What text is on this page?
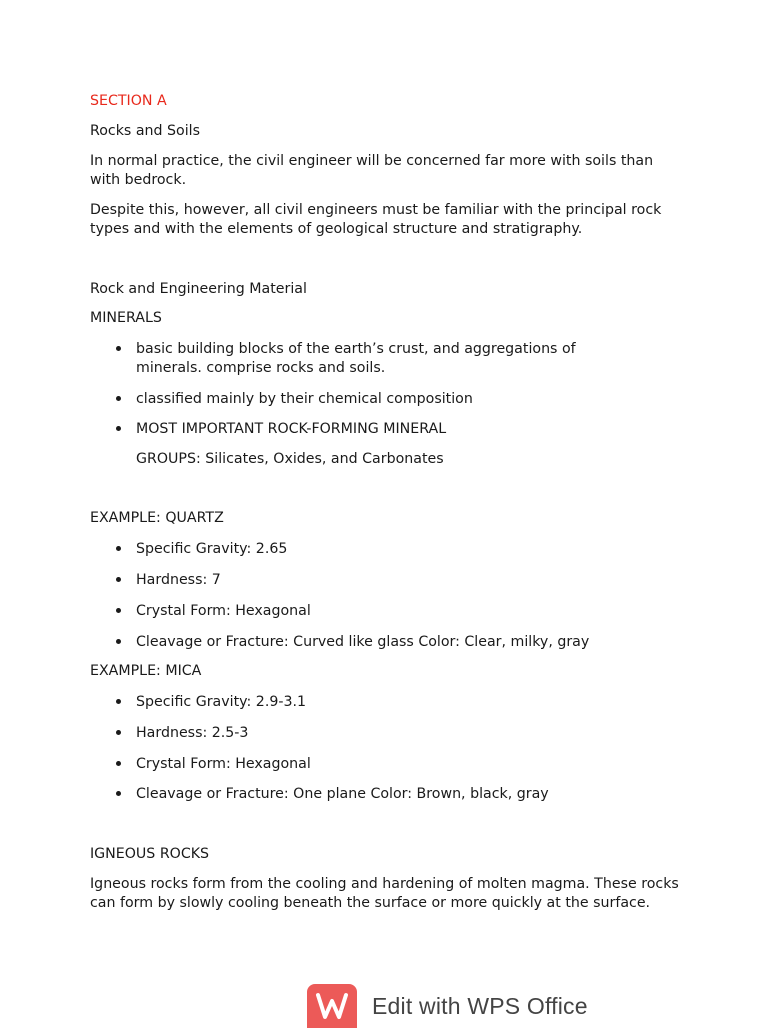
SECTION A

Rocks and Soils

In normal practice, the civil engineer will be concerned far more with soils than with bedrock.

Despite this, however, all civil engineers must be familiar with the principal rock types and with the elements of geological structure and stratigraphy.

Rock and Engineering Material

MINERALS

basic building blocks of the earth’s crust, and aggregations of minerals. comprise rocks and soils.
classified mainly by their chemical composition
MOST IMPORTANT ROCK-FORMING MINERAL

GROUPS: Silicates, Oxides, and Carbonates

EXAMPLE: QUARTZ

Specific Gravity: 2.65
Hardness: 7
Crystal Form: Hexagonal
Cleavage or Fracture: Curved like glass Color: Clear, milky, gray

EXAMPLE: MICA

Specific Gravity: 2.9-3.1
Hardness: 2.5-3
Crystal Form: Hexagonal
Cleavage or Fracture: One plane Color: Brown, black, gray

IGNEOUS ROCKS

Igneous rocks form from the cooling and hardening of molten magma. These rocks can form by slowly cooling beneath the surface or more quickly at the surface.

Edit with WPS Office
